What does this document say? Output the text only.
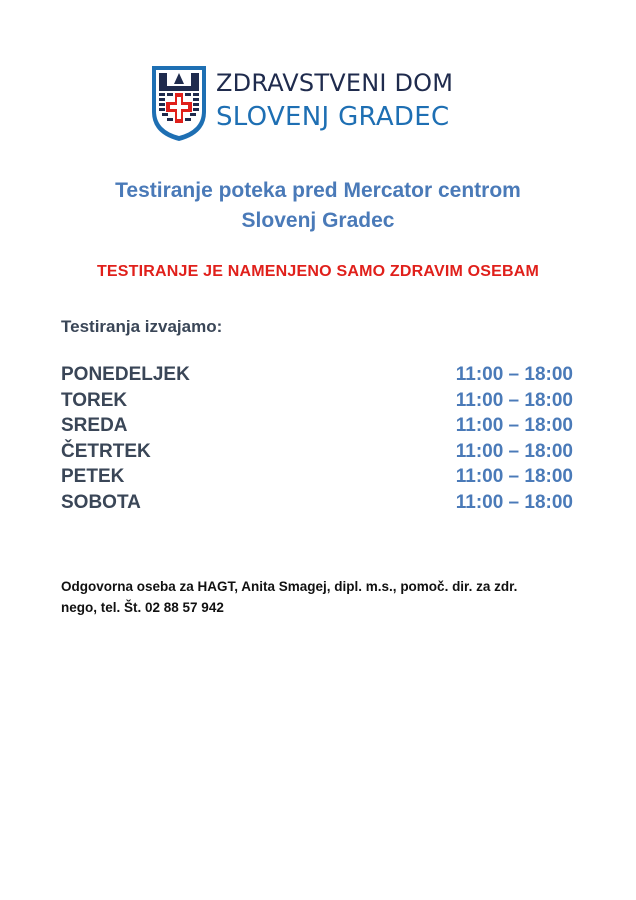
ZDRAVSTVENI DOM
SLOVENJ GRADEC
Testiranje poteka pred Mercator centrom
Slovenj Gradec
TESTIRANJE JE NAMENJENO SAMO ZDRAVIM OSEBAM
Testiranja izvajamo:
PONEDELJEK	11:00 – 18:00
TOREK	11:00 – 18:00
SREDA	11:00 – 18:00
ČETRTEK	11:00 – 18:00
PETEK	11:00 – 18:00
SOBOTA	11:00 – 18:00
Odgovorna oseba za HAGT, Anita Smagej, dipl. m.s., pomoč. dir. za zdr.
nego, tel. Št. 02 88 57 942
